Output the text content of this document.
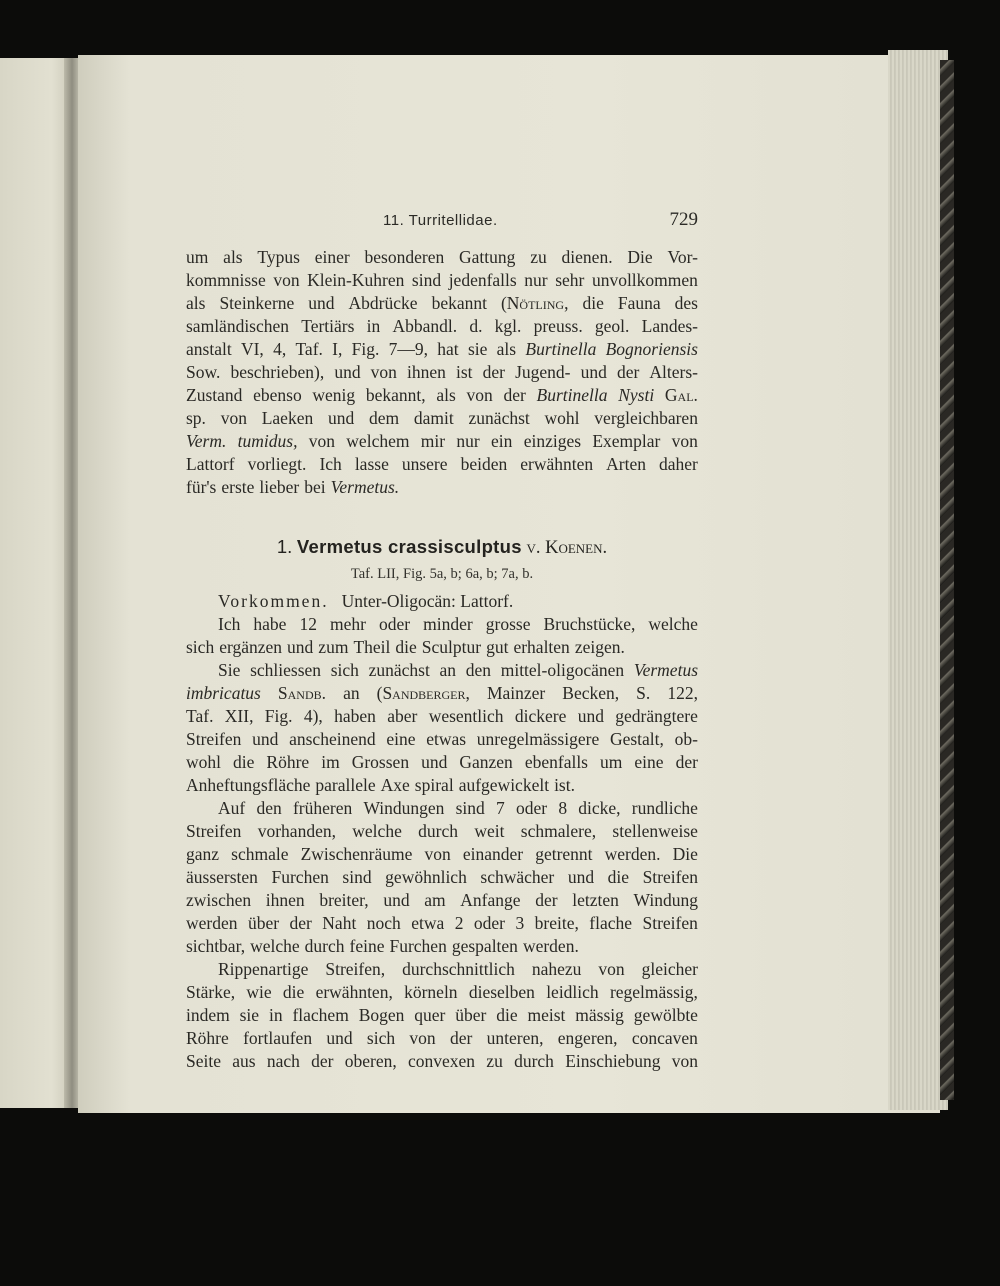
11. Turritellidae.	729
um als Typus einer besonderen Gattung zu dienen. Die Vor-
kommnisse von Klein-Kuhren sind jedenfalls nur sehr unvollkommen
als Steinkerne und Abdrücke bekannt (Nötling, die Fauna des
samländischen Tertiärs in Abbandl. d. kgl. preuss. geol. Landes-
anstalt VI, 4, Taf. I, Fig. 7—9, hat sie als Burtinella Bognoriensis
Sow. beschrieben), und von ihnen ist der Jugend- und der Alters-
Zustand ebenso wenig bekannt, als von der Burtinella Nysti Gal.
sp. von Laeken und dem damit zunächst wohl vergleichbaren
Verm. tumidus, von welchem mir nur ein einziges Exemplar von
Lattorf vorliegt. Ich lasse unsere beiden erwähnten Arten daher
für's erste lieber bei Vermetus.
1. Vermetus crassisculptus v. Koenen.
Taf. LII, Fig. 5a, b; 6a, b; 7a, b.
Vorkommen. Unter-Oligocän: Lattorf.
Ich habe 12 mehr oder minder grosse Bruchstücke, welche
sich ergänzen und zum Theil die Sculptur gut erhalten zeigen.
Sie schliessen sich zunächst an den mittel-oligocänen Vermetus
imbricatus Sandb. an (Sandberger, Mainzer Becken, S. 122,
Taf. XII, Fig. 4), haben aber wesentlich dickere und gedrängtere
Streifen und anscheinend eine etwas unregelmässigere Gestalt, ob-
wohl die Röhre im Grossen und Ganzen ebenfalls um eine der
Anheftungsfläche parallele Axe spiral aufgewickelt ist.
Auf den früheren Windungen sind 7 oder 8 dicke, rundliche
Streifen vorhanden, welche durch weit schmalere, stellenweise
ganz schmale Zwischenräume von einander getrennt werden. Die
äussersten Furchen sind gewöhnlich schwächer und die Streifen
zwischen ihnen breiter, und am Anfange der letzten Windung
werden über der Naht noch etwa 2 oder 3 breite, flache Streifen
sichtbar, welche durch feine Furchen gespalten werden.
Rippenartige Streifen, durchschnittlich nahezu von gleicher
Stärke, wie die erwähnten, körneln dieselben leidlich regelmässig,
indem sie in flachem Bogen quer über die meist mässig gewölbte
Röhre fortlaufen und sich von der unteren, engeren, concaven
Seite aus nach der oberen, convexen zu durch Einschiebung von
